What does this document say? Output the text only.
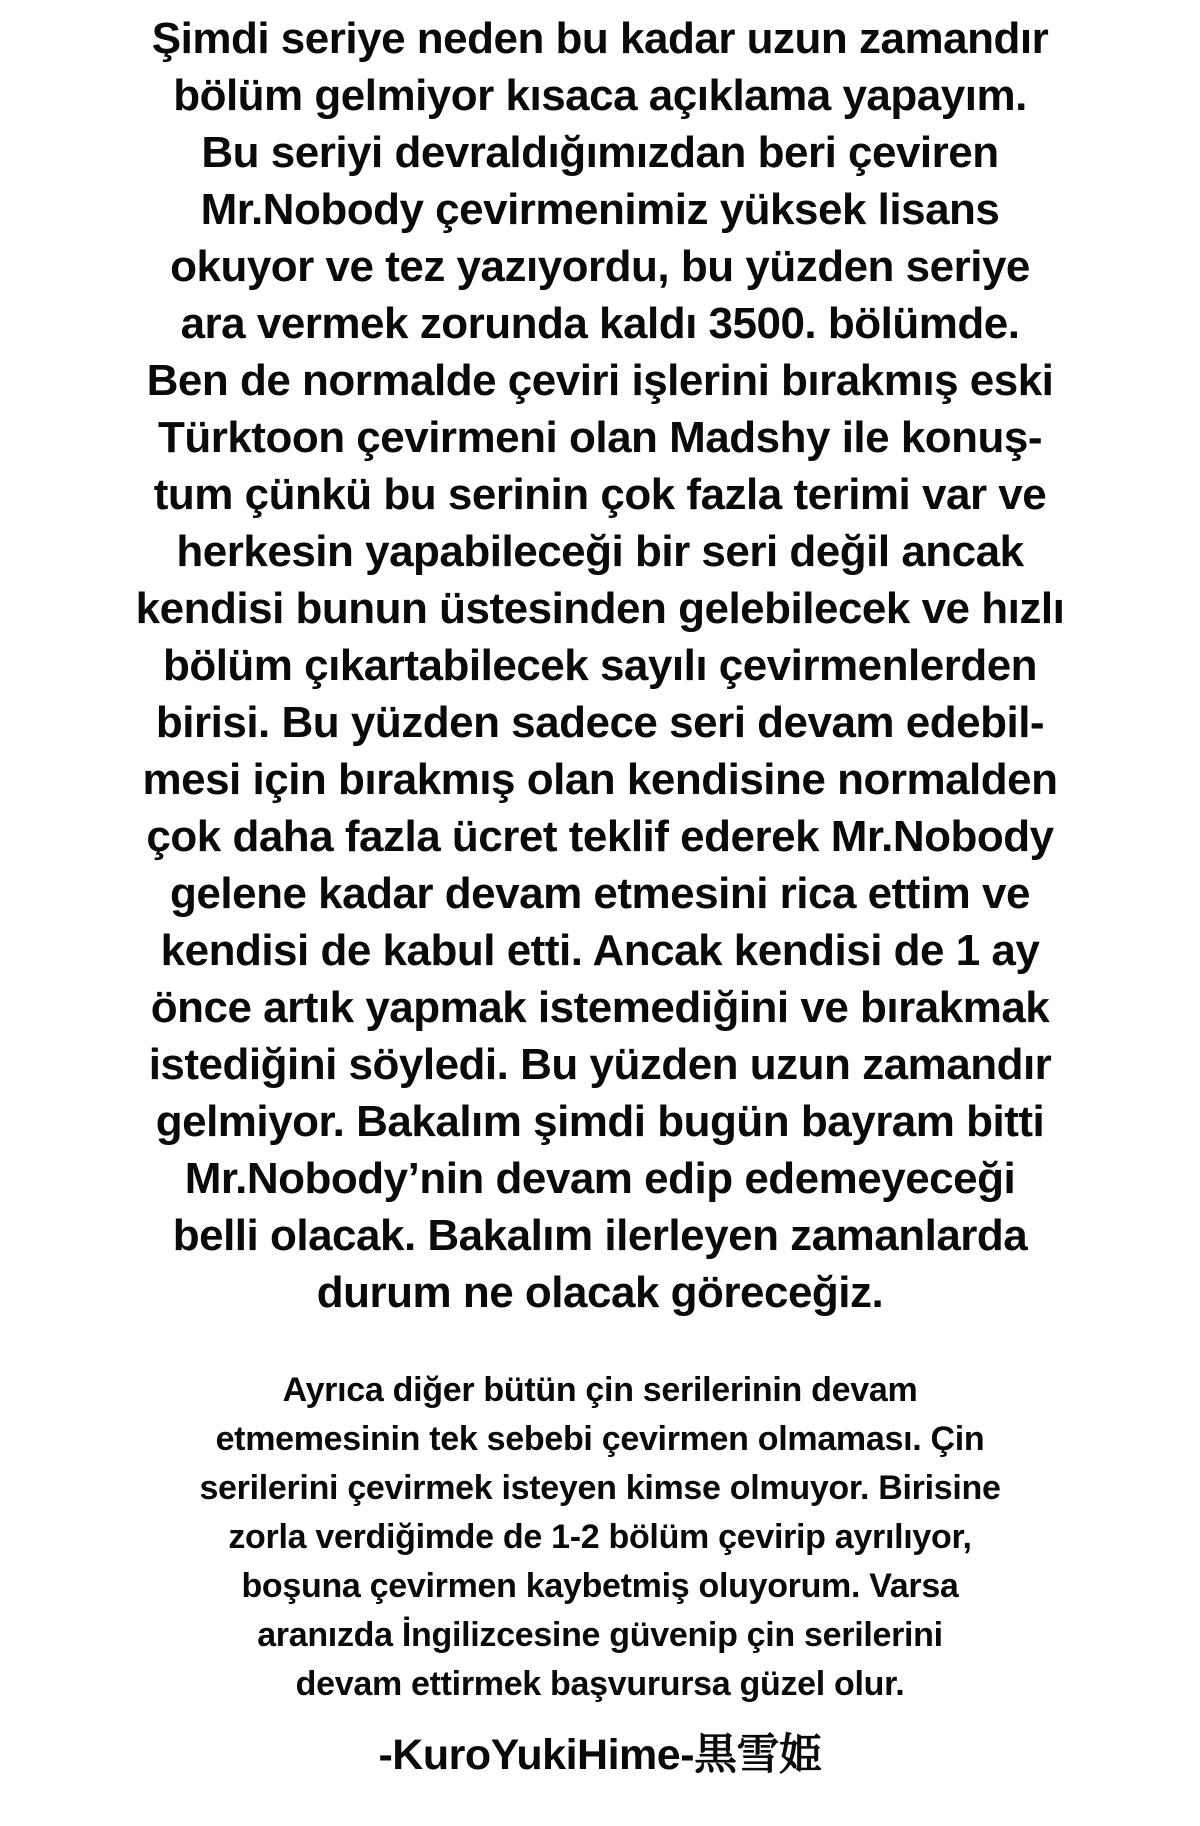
Şimdi seriye neden bu kadar uzun zamandır
bölüm gelmiyor kısaca açıklama yapayım.
Bu seriyi devraldığımızdan beri çeviren
Mr.Nobody çevirmenimiz yüksek lisans
okuyor ve tez yazıyordu, bu yüzden seriye
ara vermek zorunda kaldı 3500. bölümde.
Ben de normalde çeviri işlerini bırakmış eski
Türktoon çevirmeni olan Madshy ile konuş-
tum çünkü bu serinin çok fazla terimi var ve
herkesin yapabileceği bir seri değil ancak
kendisi bunun üstesinden gelebilecek ve hızlı
bölüm çıkartabilecek sayılı çevirmenlerden
birisi. Bu yüzden sadece seri devam edebil-
mesi için bırakmış olan kendisine normalden
çok daha fazla ücret teklif ederek Mr.Nobody
gelene kadar devam etmesini rica ettim ve
kendisi de kabul etti. Ancak kendisi de 1 ay
önce artık yapmak istemediğini ve bırakmak
istediğini söyledi. Bu yüzden uzun zamandır
gelmiyor. Bakalım şimdi bugün bayram bitti
Mr.Nobody’nin devam edip edemeyeceği
belli olacak. Bakalım ilerleyen zamanlarda
durum ne olacak göreceğiz.
Ayrıca diğer bütün çin serilerinin devam
etmemesinin tek sebebi çevirmen olmaması. Çin
serilerini çevirmek isteyen kimse olmuyor. Birisine
zorla verdiğimde de 1-2 bölüm çevirip ayrılıyor,
boşuna çevirmen kaybetmiş oluyorum. Varsa
aranızda İngilizcesine güvenip çin serilerini
devam ettirmek başvurursa güzel olur.
-KuroYukiHime-黒雪姫
